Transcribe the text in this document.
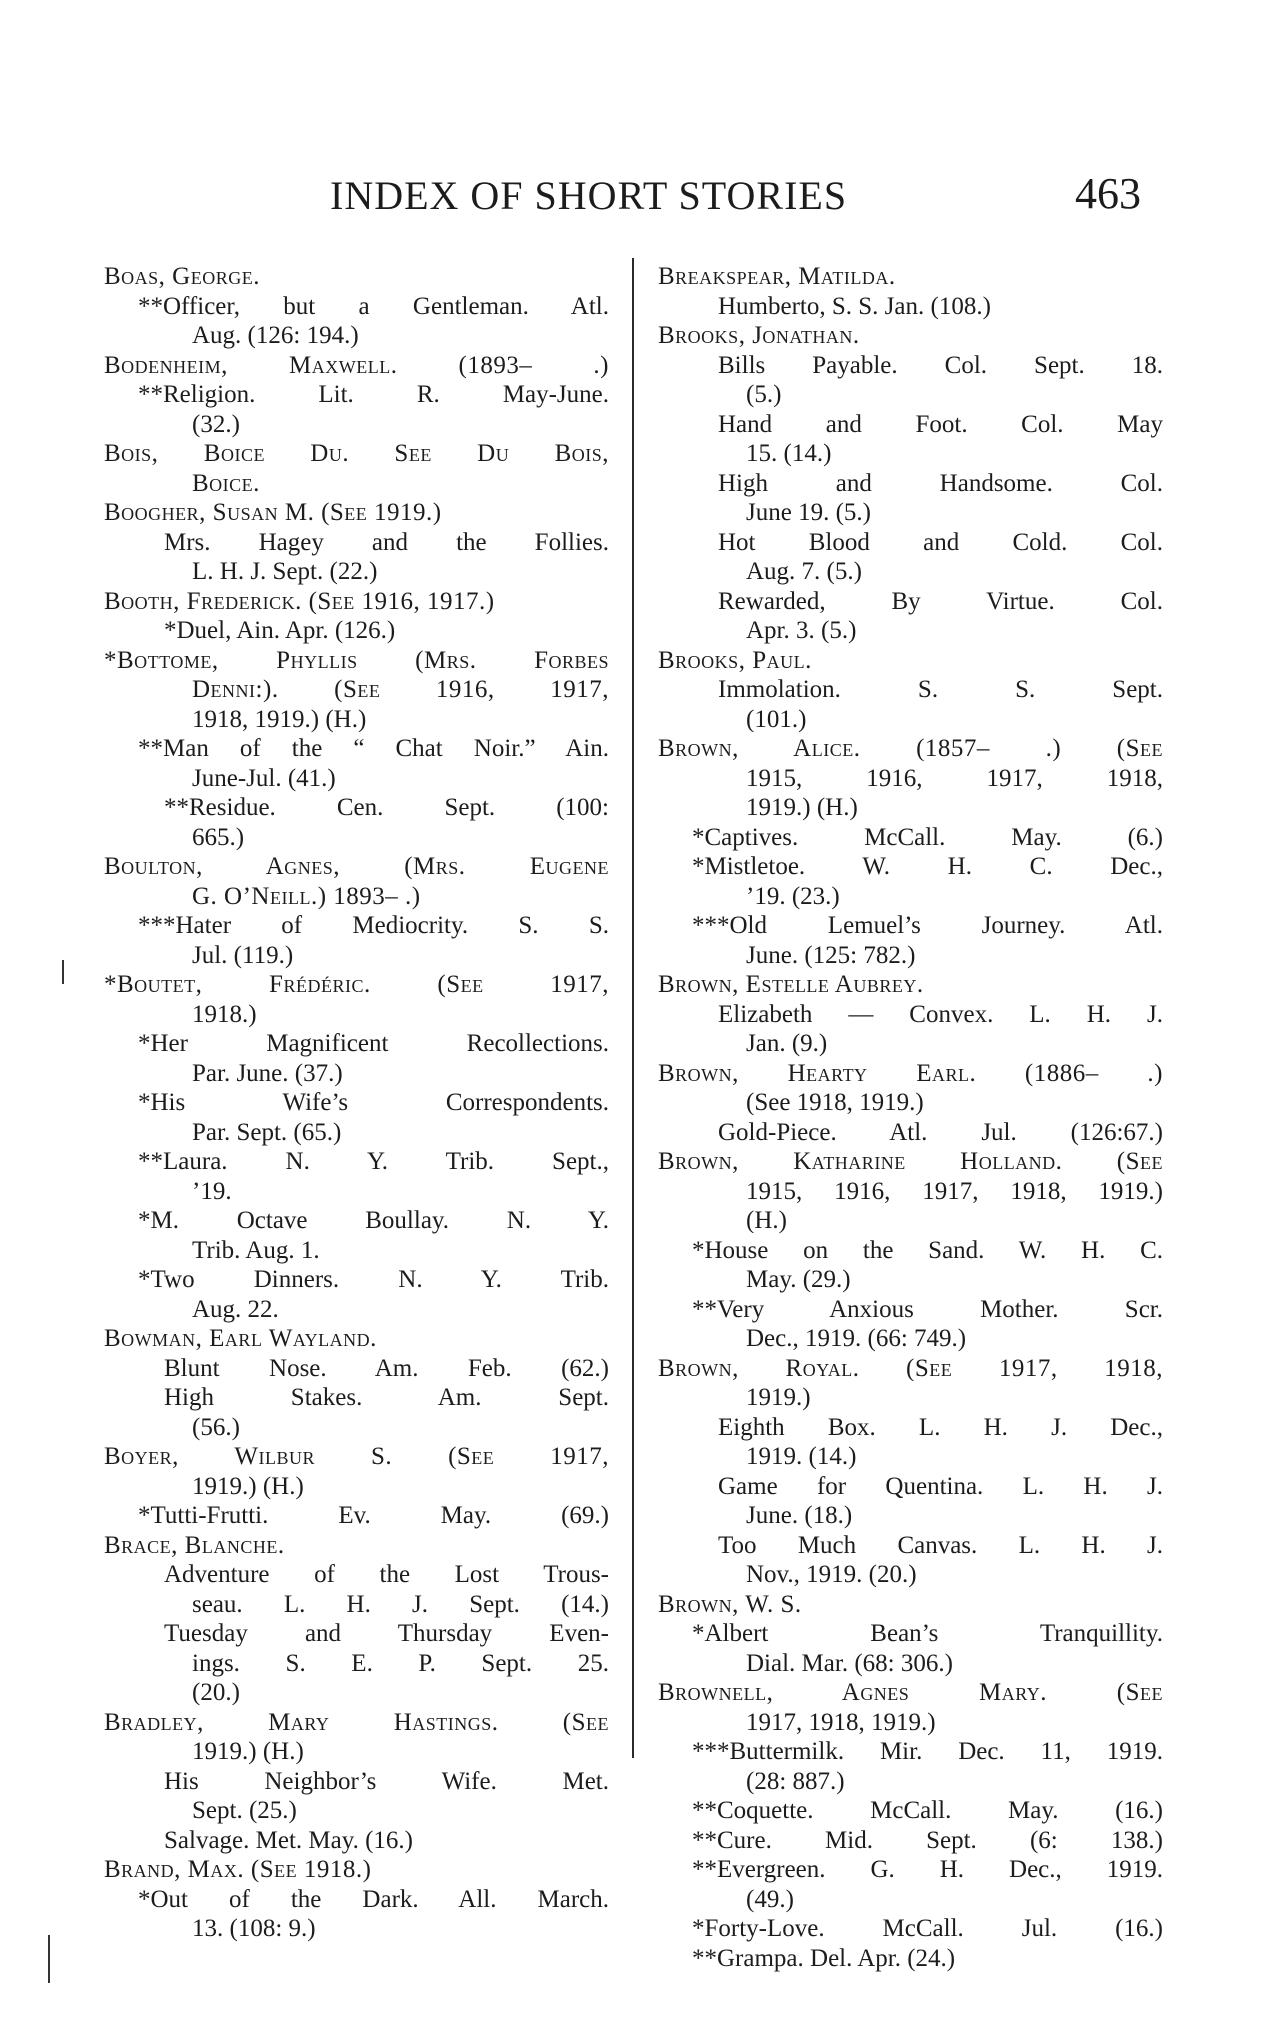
INDEX OF SHORT STORIES	463
Boas, George.
**Officer, but a Gentleman. Atl.
Aug. (126: 194.)
Bodenheim, Maxwell. (1893– .)
**Religion. Lit. R. May-June.
(32.)
Bois, Boice Du. See Du Bois,
Boice.
Boogher, Susan M. (See 1919.)
Mrs. Hagey and the Follies.
L. H. J. Sept. (22.)
Booth, Frederick. (See 1916, 1917.)
*Duel, Ain. Apr. (126.)
*Bottome, Phyllis (Mrs. Forbes
Denni:). (See 1916, 1917,
1918, 1919.) (H.)
**Man of the “ Chat Noir.” Ain.
June-Jul. (41.)
**Residue. Cen. Sept. (100:
665.)
Boulton, Agnes, (Mrs. Eugene
G. O’Neill.) 1893– .)
***Hater of Mediocrity. S. S.
Jul. (119.)
*Boutet, Frédéric. (See 1917,
1918.)
*Her Magnificent Recollections.
Par. June. (37.)
*His Wife’s Correspondents.
Par. Sept. (65.)
**Laura. N. Y. Trib. Sept.,
’19.
*M. Octave Boullay. N. Y.
Trib. Aug. 1.
*Two Dinners. N. Y. Trib.
Aug. 22.
Bowman, Earl Wayland.
Blunt Nose. Am. Feb. (62.)
High Stakes. Am. Sept.
(56.)
Boyer, Wilbur S. (See 1917,
1919.) (H.)
*Tutti-Frutti. Ev. May. (69.)
Brace, Blanche.
Adventure of the Lost Trous-
seau. L. H. J. Sept. (14.)
Tuesday and Thursday Even-
ings. S. E. P. Sept. 25.
(20.)
Bradley, Mary Hastings. (See
1919.) (H.)
His Neighbor’s Wife. Met.
Sept. (25.)
Salvage. Met. May. (16.)
Brand, Max. (See 1918.)
*Out of the Dark. All. March.
13. (108: 9.)
Breakspear, Matilda.
Humberto, S. S. Jan. (108.)
Brooks, Jonathan.
Bills Payable. Col. Sept. 18.
(5.)
Hand and Foot. Col. May
15. (14.)
High and Handsome. Col.
June 19. (5.)
Hot Blood and Cold. Col.
Aug. 7. (5.)
Rewarded, By Virtue. Col.
Apr. 3. (5.)
Brooks, Paul.
Immolation. S. S. Sept.
(101.)
Brown, Alice. (1857– .) (See
1915, 1916, 1917, 1918,
1919.) (H.)
*Captives. McCall. May. (6.)
*Mistletoe. W. H. C. Dec.,
’19. (23.)
***Old Lemuel’s Journey. Atl.
June. (125: 782.)
Brown, Estelle Aubrey.
Elizabeth — Convex. L. H. J.
Jan. (9.)
Brown, Hearty Earl. (1886– .)
(See 1918, 1919.)
Gold-Piece. Atl. Jul. (126:67.)
Brown, Katharine Holland. (See
1915, 1916, 1917, 1918, 1919.)
(H.)
*House on the Sand. W. H. C.
May. (29.)
**Very Anxious Mother. Scr.
Dec., 1919. (66: 749.)
Brown, Royal. (See 1917, 1918,
1919.)
Eighth Box. L. H. J. Dec.,
1919. (14.)
Game for Quentina. L. H. J.
June. (18.)
Too Much Canvas. L. H. J.
Nov., 1919. (20.)
Brown, W. S.
*Albert Bean’s Tranquillity.
Dial. Mar. (68: 306.)
Brownell, Agnes Mary. (See
1917, 1918, 1919.)
***Buttermilk. Mir. Dec. 11, 1919.
(28: 887.)
**Coquette. McCall. May. (16.)
**Cure. Mid. Sept. (6: 138.)
**Evergreen. G. H. Dec., 1919.
(49.)
*Forty-Love. McCall. Jul. (16.)
**Grampa. Del. Apr. (24.)
